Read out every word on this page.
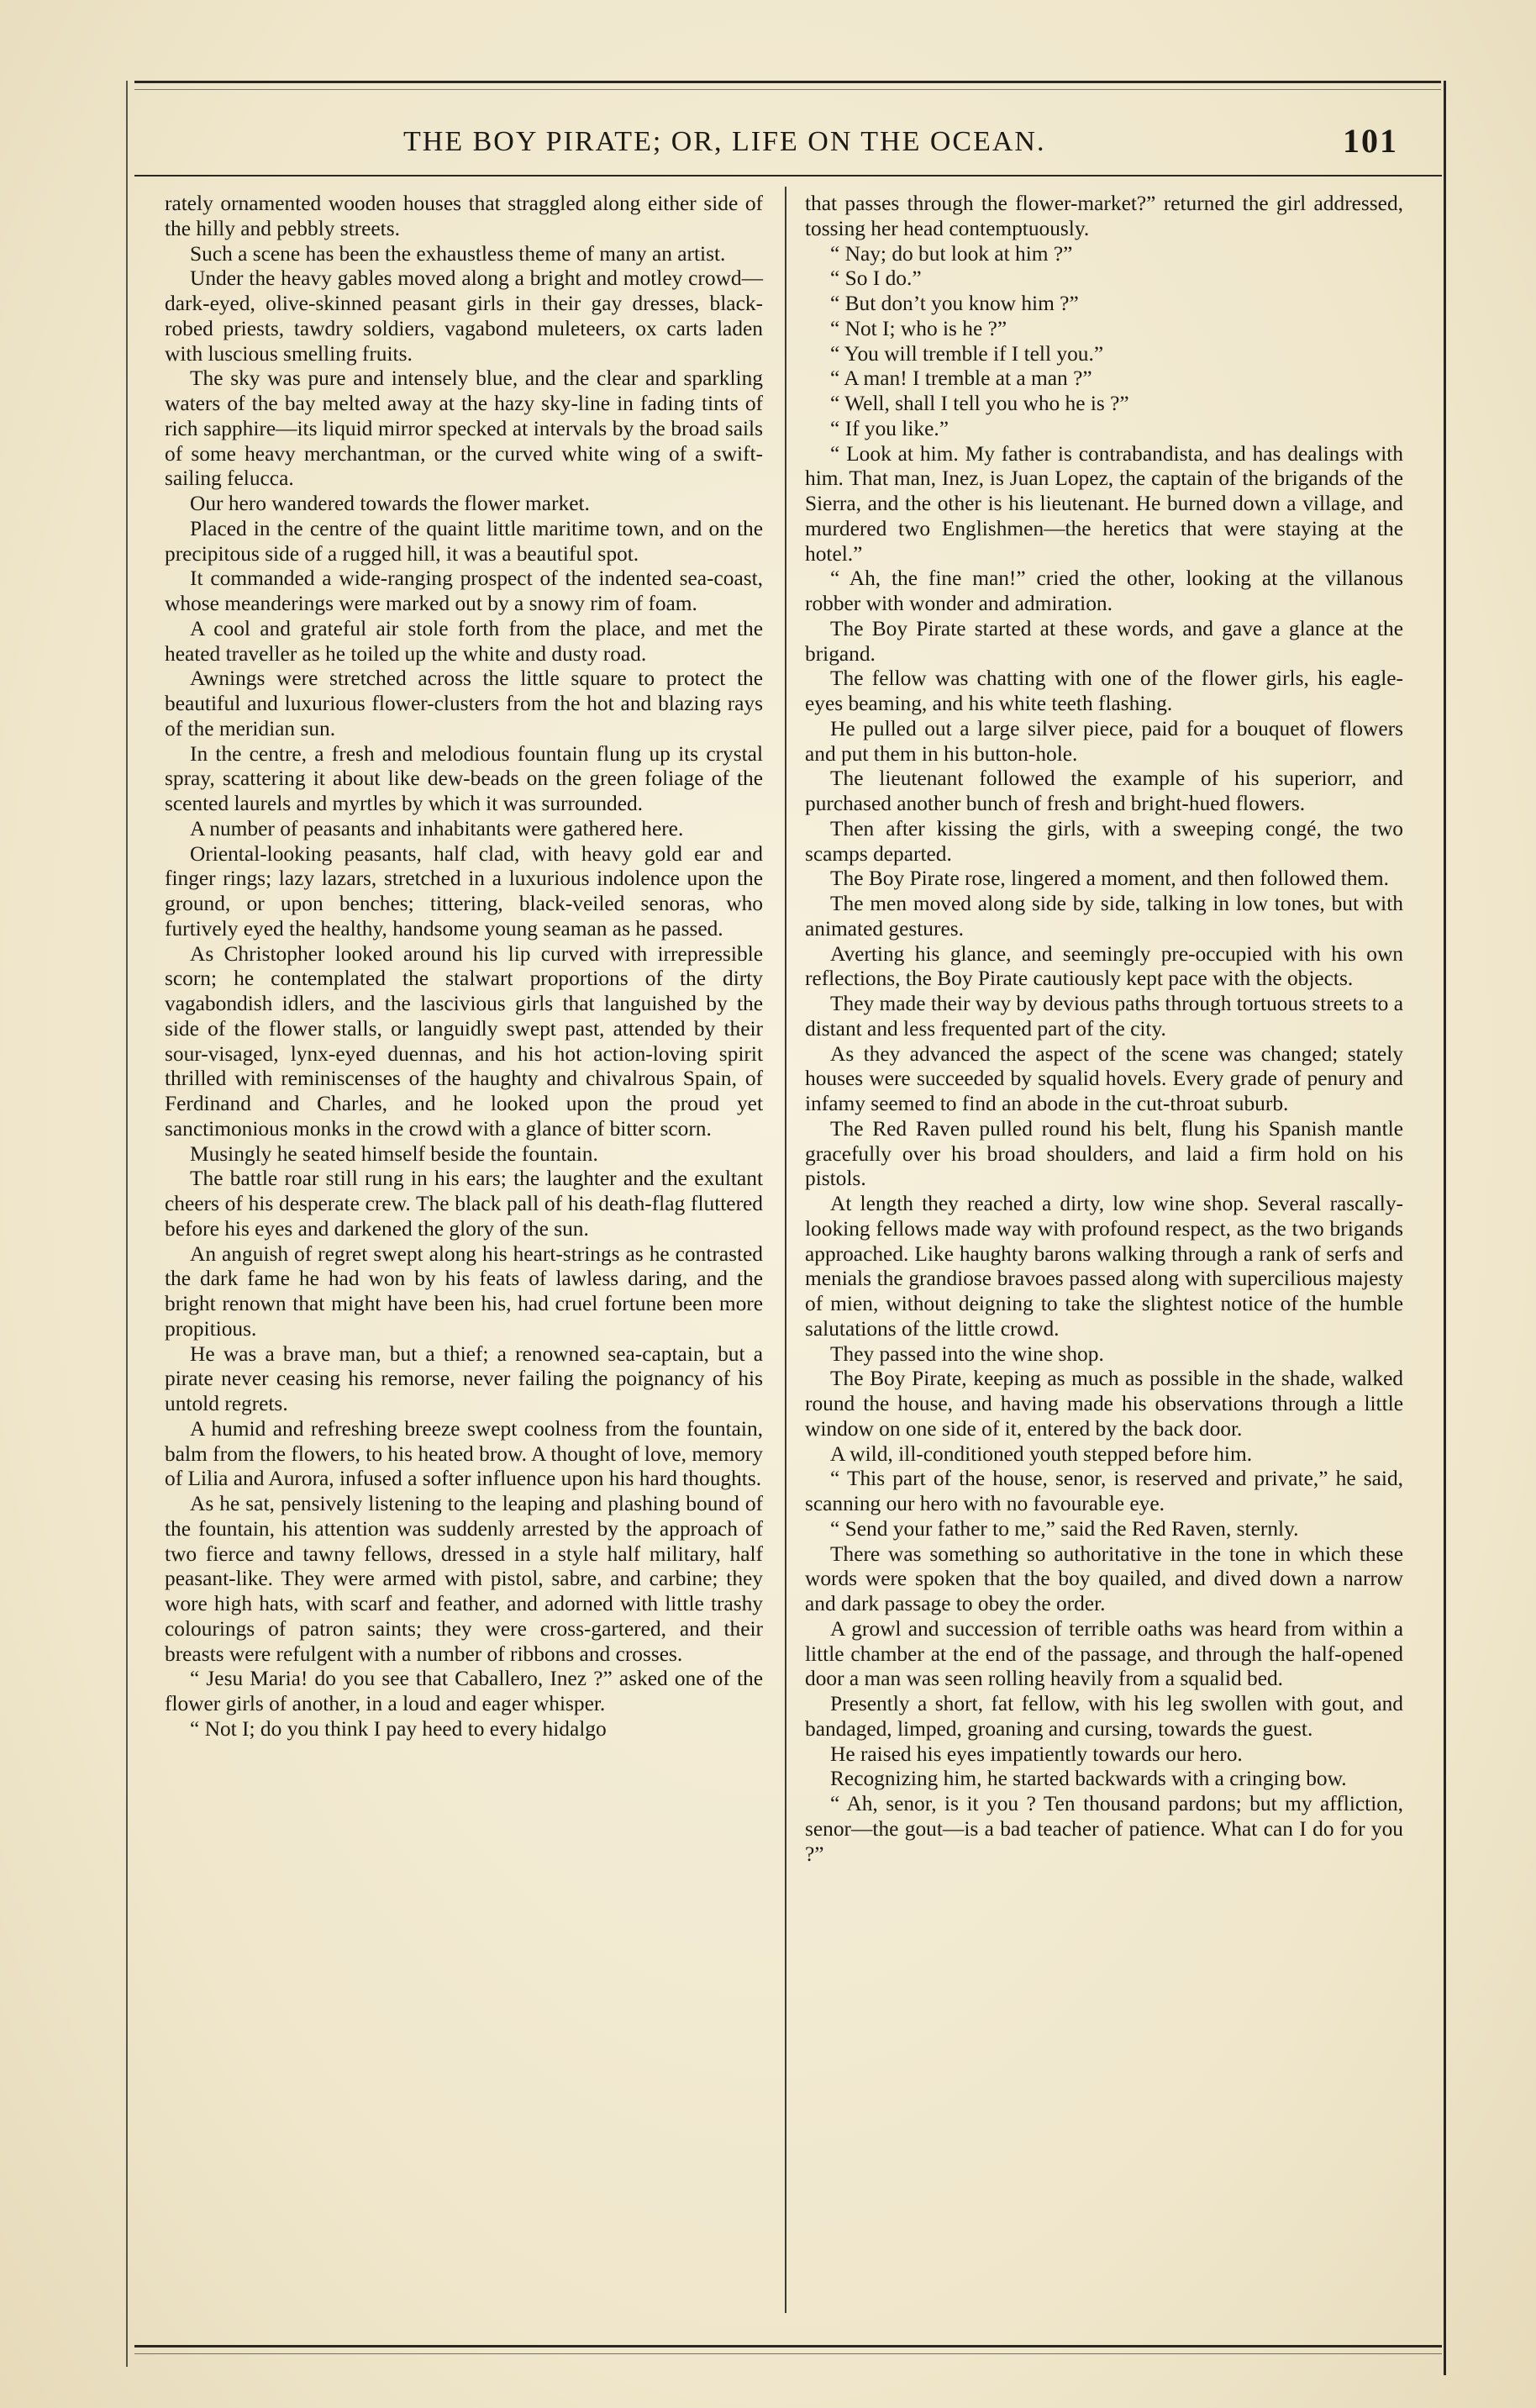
THE BOY PIRATE; OR, LIFE ON THE OCEAN.	101

rately ornamented wooden houses that straggled along either side of the hilly and pebbly streets.

Such a scene has been the exhaustless theme of many an artist.

Under the heavy gables moved along a bright and motley crowd—dark-eyed, olive-skinned peasant girls in their gay dresses, black-robed priests, tawdry soldiers, vagabond muleteers, ox carts laden with luscious smelling fruits.

The sky was pure and intensely blue, and the clear and sparkling waters of the bay melted away at the hazy sky-line in fading tints of rich sapphire—its liquid mirror specked at intervals by the broad sails of some heavy merchantman, or the curved white wing of a swift-sailing felucca.

Our hero wandered towards the flower market.

Placed in the centre of the quaint little maritime town, and on the precipitous side of a rugged hill, it was a beautiful spot.

It commanded a wide-ranging prospect of the indented sea-coast, whose meanderings were marked out by a snowy rim of foam.

A cool and grateful air stole forth from the place, and met the heated traveller as he toiled up the white and dusty road.

Awnings were stretched across the little square to protect the beautiful and luxurious flower-clusters from the hot and blazing rays of the meridian sun.

In the centre, a fresh and melodious fountain flung up its crystal spray, scattering it about like dew-beads on the green foliage of the scented laurels and myrtles by which it was surrounded.

A number of peasants and inhabitants were gathered here.

Oriental-looking peasants, half clad, with heavy gold ear and finger rings; lazy lazars, stretched in a luxurious indolence upon the ground, or upon benches; tittering, black-veiled senoras, who furtively eyed the healthy, handsome young seaman as he passed.

As Christopher looked around his lip curved with irrepressible scorn; he contemplated the stalwart proportions of the dirty vagabondish idlers, and the lascivious girls that languished by the side of the flower stalls, or languidly swept past, attended by their sour-visaged, lynx-eyed duennas, and his hot action-loving spirit thrilled with reminiscenses of the haughty and chivalrous Spain, of Ferdinand and Charles, and he looked upon the proud yet sanctimonious monks in the crowd with a glance of bitter scorn.

Musingly he seated himself beside the fountain.

The battle roar still rung in his ears; the laughter and the exultant cheers of his desperate crew. The black pall of his death-flag fluttered before his eyes and darkened the glory of the sun.

An anguish of regret swept along his heart-strings as he contrasted the dark fame he had won by his feats of lawless daring, and the bright renown that might have been his, had cruel fortune been more propitious.

He was a brave man, but a thief; a renowned sea-captain, but a pirate never ceasing his remorse, never failing the poignancy of his untold regrets.

A humid and refreshing breeze swept coolness from the fountain, balm from the flowers, to his heated brow. A thought of love, memory of Lilia and Aurora, infused a softer influence upon his hard thoughts.

As he sat, pensively listening to the leaping and plashing bound of the fountain, his attention was suddenly arrested by the approach of two fierce and tawny fellows, dressed in a style half military, half peasant-like. They were armed with pistol, sabre, and carbine; they wore high hats, with scarf and feather, and adorned with little trashy colourings of patron saints; they were cross-gartered, and their breasts were refulgent with a number of ribbons and crosses.

“ Jesu Maria! do you see that Caballero, Inez ?” asked one of the flower girls of another, in a loud and eager whisper.

“ Not I; do you think I pay heed to every hidalgo

that passes through the flower-market?” returned the girl addressed, tossing her head contemptuously.

“ Nay; do but look at him ?”

“ So I do.”

“ But don’t you know him ?”

“ Not I; who is he ?”

“ You will tremble if I tell you.”

“ A man! I tremble at a man ?”

“ Well, shall I tell you who he is ?”

“ If you like.”

“ Look at him. My father is contrabandista, and has dealings with him. That man, Inez, is Juan Lopez, the captain of the brigands of the Sierra, and the other is his lieutenant. He burned down a village, and murdered two Englishmen—the heretics that were staying at the hotel.”

“ Ah, the fine man!” cried the other, looking at the villanous robber with wonder and admiration.

The Boy Pirate started at these words, and gave a glance at the brigand.

The fellow was chatting with one of the flower girls, his eagle-eyes beaming, and his white teeth flashing.

He pulled out a large silver piece, paid for a bouquet of flowers and put them in his button-hole.

The lieutenant followed the example of his superiorr, and purchased another bunch of fresh and bright-hued flowers.

Then after kissing the girls, with a sweeping congé, the two scamps departed.

The Boy Pirate rose, lingered a moment, and then followed them.

The men moved along side by side, talking in low tones, but with animated gestures.

Averting his glance, and seemingly pre-occupied with his own reflections, the Boy Pirate cautiously kept pace with the objects.

They made their way by devious paths through tortuous streets to a distant and less frequented part of the city.

As they advanced the aspect of the scene was changed; stately houses were succeeded by squalid hovels. Every grade of penury and infamy seemed to find an abode in the cut-throat suburb.

The Red Raven pulled round his belt, flung his Spanish mantle gracefully over his broad shoulders, and laid a firm hold on his pistols.

At length they reached a dirty, low wine shop. Several rascally-looking fellows made way with profound respect, as the two brigands approached. Like haughty barons walking through a rank of serfs and menials the grandiose bravoes passed along with supercilious majesty of mien, without deigning to take the slightest notice of the humble salutations of the little crowd.

They passed into the wine shop.

The Boy Pirate, keeping as much as possible in the shade, walked round the house, and having made his observations through a little window on one side of it, entered by the back door.

A wild, ill-conditioned youth stepped before him.

“ This part of the house, senor, is reserved and private,” he said, scanning our hero with no favourable eye.

“ Send your father to me,” said the Red Raven, sternly.

There was something so authoritative in the tone in which these words were spoken that the boy quailed, and dived down a narrow and dark passage to obey the order.

A growl and succession of terrible oaths was heard from within a little chamber at the end of the passage, and through the half-opened door a man was seen rolling heavily from a squalid bed.

Presently a short, fat fellow, with his leg swollen with gout, and bandaged, limped, groaning and cursing, towards the guest.

He raised his eyes impatiently towards our hero.

Recognizing him, he started backwards with a cringing bow.

“ Ah, senor, is it you ? Ten thousand pardons; but my affliction, senor—the gout—is a bad teacher of patience. What can I do for you ?”
